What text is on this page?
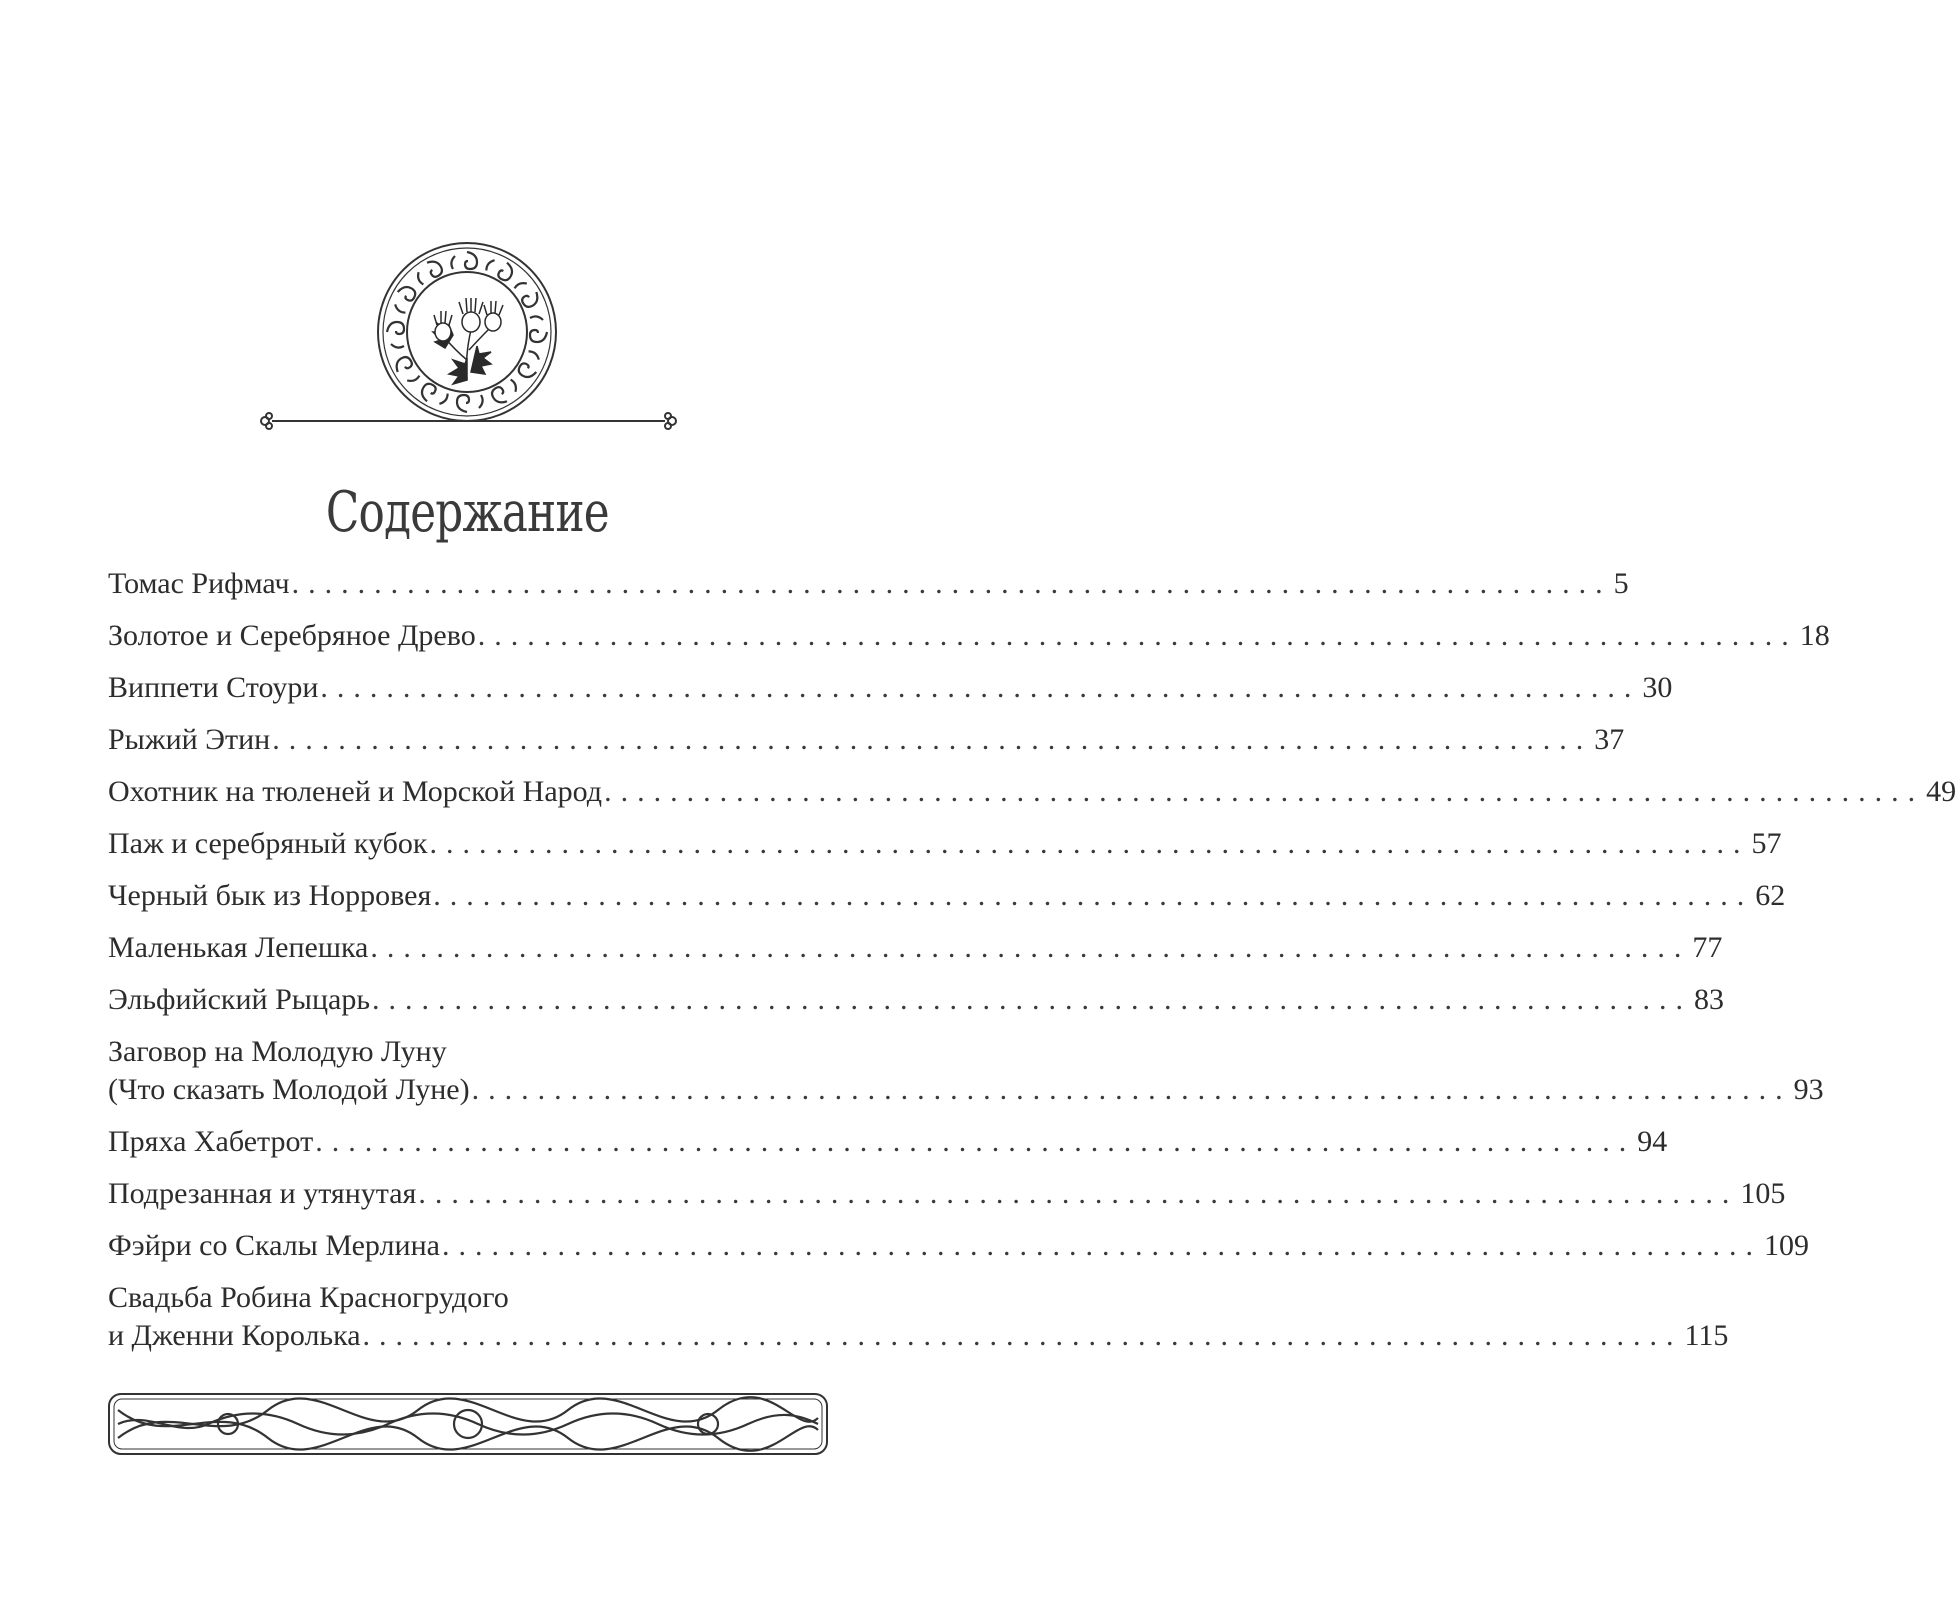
Содержание
Томас Рифмач ................................................................................ 5
Золотое и Серебряное Древо ................................................................................ 18
Виппети Стоури ................................................................................ 30
Рыжий Этин ................................................................................ 37
Охотник на тюленей и Морской Народ ................................................................................ 49
Паж и серебряный кубок ................................................................................ 57
Черный бык из Норровея ................................................................................ 62
Маленькая Лепешка ................................................................................ 77
Эльфийский Рыцарь ................................................................................ 83
Заговор на Молодую Луну
(Что сказать Молодой Луне) ................................................................................ 93
Пряха Хабетрот ................................................................................ 94
Подрезанная и утянутая ................................................................................ 105
Фэйри со Скалы Мерлина ................................................................................ 109
Свадьба Робина Красногрудого
и Дженни Королька ................................................................................ 115
